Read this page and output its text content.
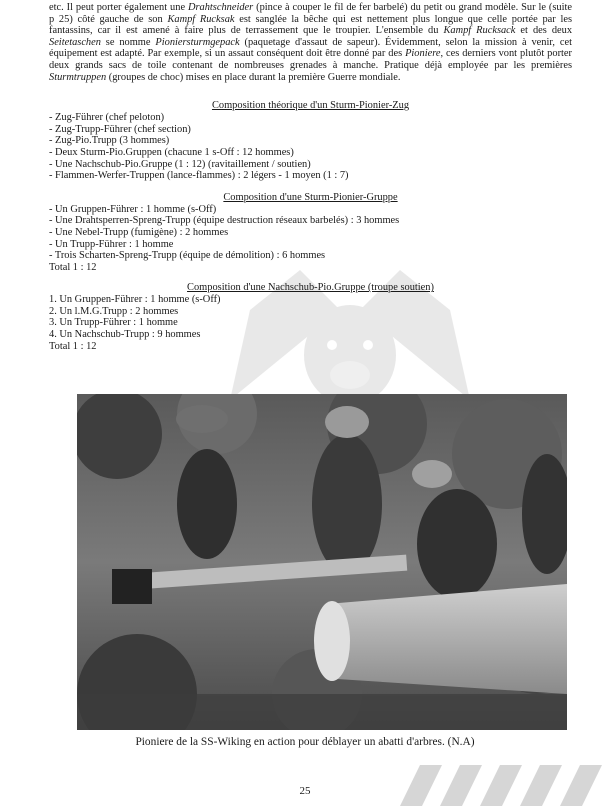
etc. Il peut porter également une Drahtschneider (pince à couper le fil de fer barbelé) du petit ou grand modèle. Sur le (suite p 25) côté gauche de son Kampf Rucksak est sanglée la bêche qui est nettement plus longue que celle portée par les fantassins, car il est amené à faire plus de terrassement que le troupier. L'ensemble du Kampf Rucksack et des deux Seitetaschen se nomme Pioniersturmgepack (paquetage d'assaut de sapeur). Évidemment, selon la mission à venir, cet équipement est adapté. Par exemple, si un assaut conséquent doit être donné par des Pioniere, ces derniers vont plutôt porter deux grands sacs de toile contenant de nombreuses grenades à manche. Pratique déjà employée par les premières Sturmtruppen (groupes de choc) mises en place durant la première Guerre mondiale.

Composition théorique d'un Sturm-Pionier-Zug

- Zug-Führer (chef peloton)
- Zug-Trupp-Führer (chef section)
- Zug-Pio.Trupp (3 hommes)
- Deux Sturm-Pio.Gruppen (chacune 1 s-Off : 12 hommes)
- Une Nachschub-Pio.Gruppe (1 : 12) (ravitaillement / soutien)
- Flammen-Werfer-Truppen (lance-flammes) : 2 légers - 1 moyen (1 : 7)

Composition d'une Sturm-Pionier-Gruppe

- Un Gruppen-Führer : 1 homme (s-Off)
- Une Drahtsperren-Spreng-Trupp (équipe destruction réseaux barbelés) : 3 hommes
- Une Nebel-Trupp (fumigène) : 2 hommes
- Un Trupp-Führer : 1 homme
- Trois Scharten-Spreng-Trupp (équipe de démolition) : 6 hommes
Total 1 : 12

Composition d'une Nachschub-Pio.Gruppe (troupe soutien)

1. Un Gruppen-Führer : 1 homme (s-Off)
2. Un l.M.G.Trupp : 2 hommes
3. Un Trupp-Führer : 1 homme
4. Un Nachschub-Trupp : 9 hommes
Total 1 : 12
Pioniere de la SS-Wiking en action pour déblayer un abatti d'arbres. (N.A)
25
